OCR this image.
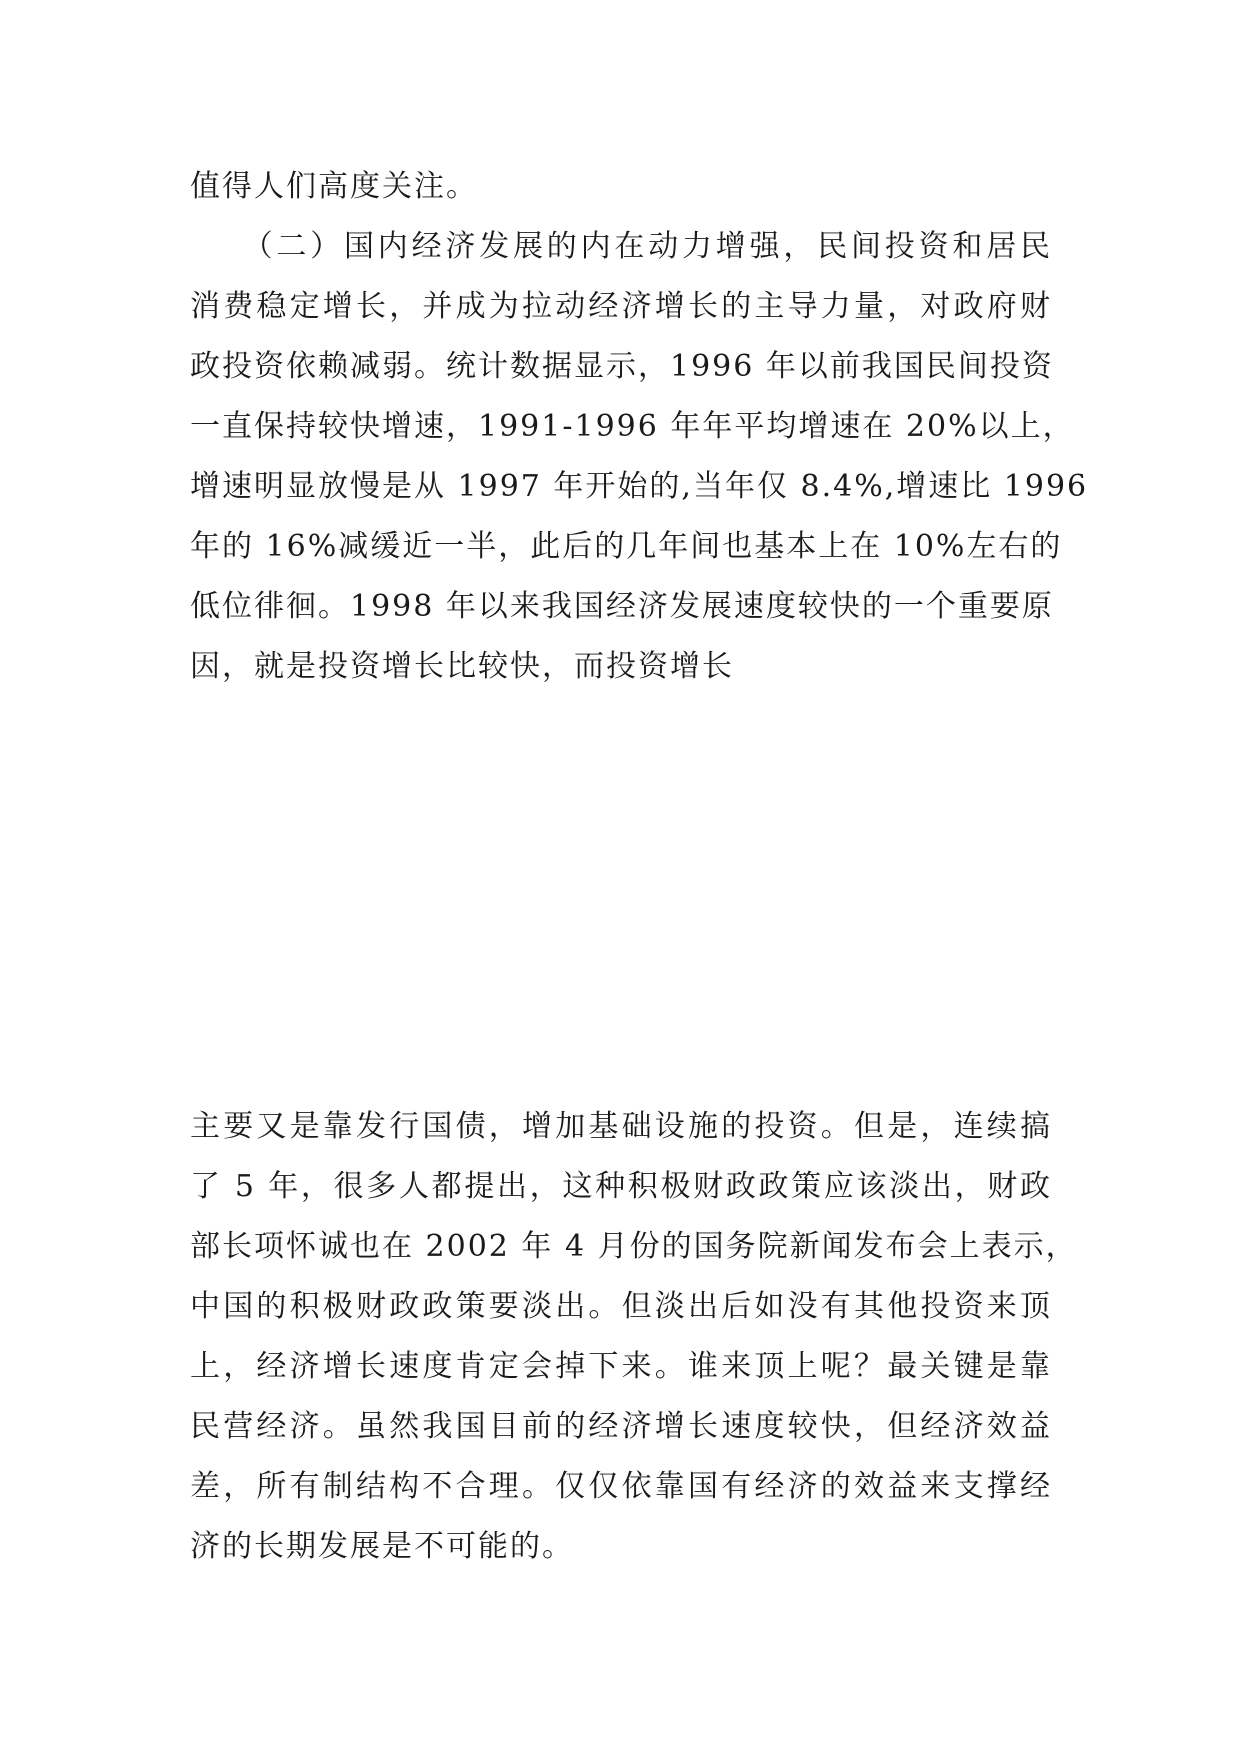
值得人们高度关注。
　　（二）国内经济发展的内在动力增强，民间投资和居民
消费稳定增长，并成为拉动经济增长的主导力量，对政府财
政投资依赖减弱。统计数据显示，1996 年以前我国民间投资
一直保持较快增速，1991-1996 年年平均增速在 20%以上，
增速明显放慢是从 1997 年开始的,当年仅 8.4%,增速比 1996
年的 16%减缓近一半，此后的几年间也基本上在 10%左右的
低位徘徊。1998 年以来我国经济发展速度较快的一个重要原
因，就是投资增长比较快，而投资增长
主要又是靠发行国债，增加基础设施的投资。但是，连续搞
了 5 年，很多人都提出，这种积极财政政策应该淡出，财政
部长项怀诚也在 2002 年 4 月份的国务院新闻发布会上表示，
中国的积极财政政策要淡出。但淡出后如没有其他投资来顶
上，经济增长速度肯定会掉下来。谁来顶上呢？最关键是靠
民营经济。虽然我国目前的经济增长速度较快，但经济效益
差，所有制结构不合理。仅仅依靠国有经济的效益来支撑经
济的长期发展是不可能的。
